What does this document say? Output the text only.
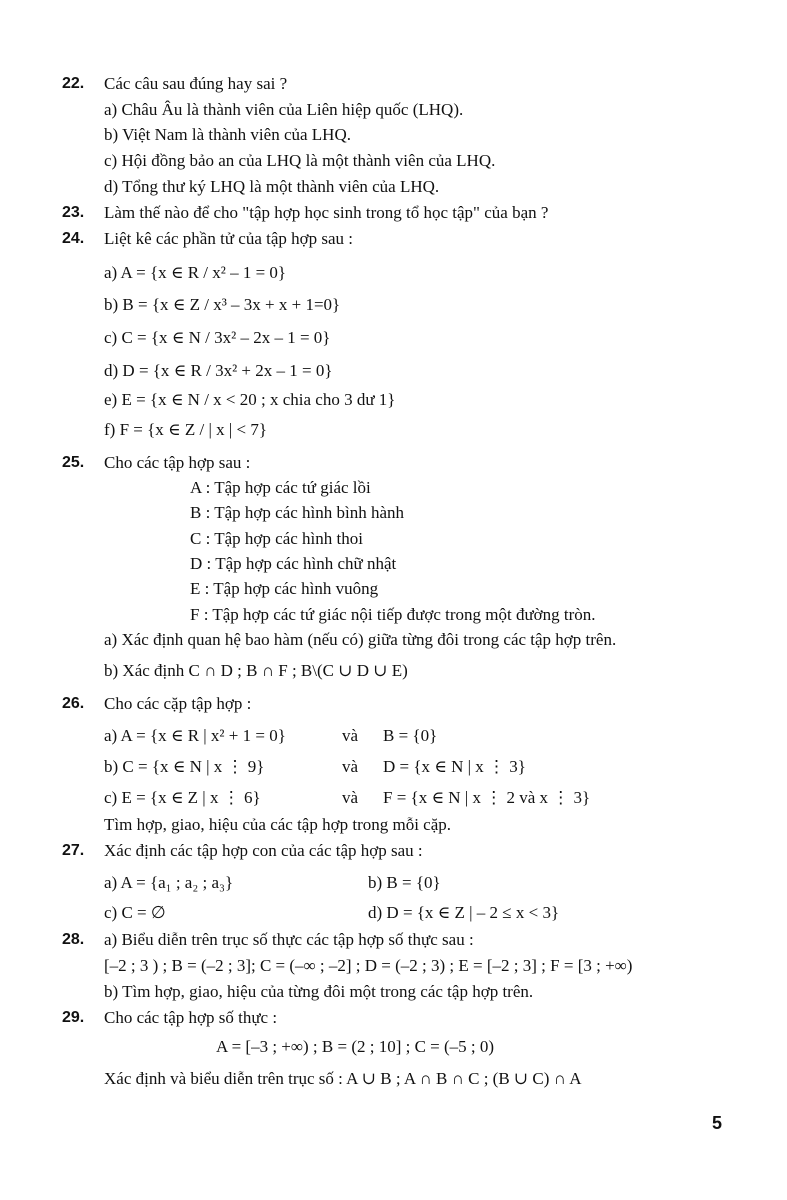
22. Các câu sau đúng hay sai ?
a) Châu Âu là thành viên của Liên hiệp quốc (LHQ).
b) Việt Nam là thành viên của LHQ.
c) Hội đồng bảo an của LHQ là một thành viên của LHQ.
d) Tổng thư ký LHQ là một thành viên của LHQ.
23. Làm thế nào để cho "tập hợp học sinh trong tổ học tập" của bạn ?
24. Liệt kê các phần tử của tập hợp sau :
a) A = {x ∈ R / x² – 1 = 0}
b) B = {x ∈ Z / x³ – 3x + x + 1=0}
c) C = {x ∈ N / 3x² – 2x – 1 = 0}
d) D = {x ∈ R / 3x² + 2x – 1 = 0}
e) E = {x ∈ N / x < 20 ; x chia cho 3 dư 1}
f) F = {x ∈ Z / | x | < 7}
25. Cho các tập hợp sau :
A : Tập hợp các tứ giác lồi
B : Tập hợp các hình bình hành
C : Tập hợp các hình thoi
D : Tập hợp các hình chữ nhật
E : Tập hợp các hình vuông
F : Tập hợp các tứ giác nội tiếp được trong một đường tròn.
a) Xác định quan hệ bao hàm (nếu có) giữa từng đôi trong các tập hợp trên.
b) Xác định C ∩ D ; B ∩ F ; B\(C ∪ D ∪ E)
26. Cho các cặp tập hợp :
a) A = {x ∈ R | x² + 1 = 0}	và B = {0}
b) C = {x ∈ N | x ⋮ 9}	và D = {x ∈ N | x ⋮ 3}
c) E = {x ∈ Z | x ⋮ 6}	và F = {x ∈ N | x ⋮ 2 và x ⋮ 3}
Tìm hợp, giao, hiệu của các tập hợp trong mỗi cặp.
27. Xác định các tập hợp con của các tập hợp sau :
a) A = {a₁ ; a₂ ; a₃}	b) B = {0}
c) C = ∅	d) D = {x ∈ Z | – 2 ≤ x < 3}
28. a) Biểu diễn trên trục số thực các tập hợp số thực sau :
[–2 ; 3 ) ; B = (–2 ; 3]; C = (–∞ ; –2] ; D = (–2 ; 3) ; E = [–2 ; 3] ; F = [3 ; +∞)
b) Tìm hợp, giao, hiệu của từng đôi một trong các tập hợp trên.
29. Cho các tập hợp số thực :
A = [–3 ; +∞) ; B = (2 ; 10] ; C = (–5 ; 0)
Xác định và biểu diễn trên trục số : A ∪ B ; A ∩ B ∩ C ; (B ∪ C) ∩ A
5
